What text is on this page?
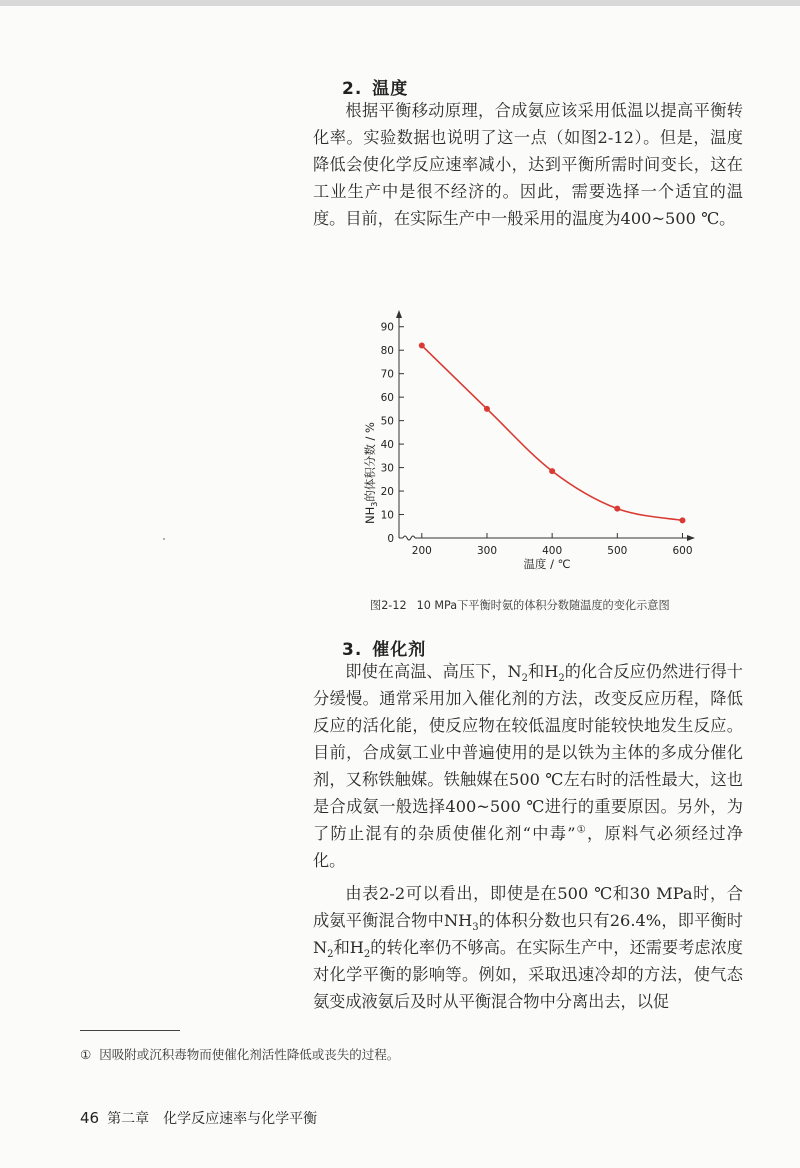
2. 温度

根据平衡移动原理，合成氨应该采用低温以提高平衡转化率。实验数据也说明了这一点（如图2-12）。但是，温度降低会使化学反应速率减小，达到平衡所需时间变长，这在工业生产中是很不经济的。因此，需要选择一个适宜的温度。目前，在实际生产中一般采用的温度为400~500 ℃。

0
10
20
30
40
50
60
70
80
90
200	300	400	500	600
温度 / ℃
$NH_3$的体积分数 / %
图2-12 10 MPa下平衡时氨的体积分数随温度的变化示意图
3. 催化剂

即使在高温、高压下，$N_2$和$H_2$的化合反应仍然进行得十分缓慢。通常采用加入催化剂的方法，改变反应历程，降低反应的活化能，使反应物在较低温度时能较快地发生反应。目前，合成氨工业中普遍使用的是以铁为主体的多成分催化剂，又称铁触媒。铁触媒在500 ℃左右时的活性最大，这也是合成氨一般选择400~500 ℃进行的重要原因。另外，为了防止混有的杂质使催化剂“中毒”①，原料气必须经过净化。

由表2-2可以看出，即使是在500 ℃和30 MPa时，合成氨平衡混合物中$NH_3$的体积分数也只有26.4%，即平衡时$N_2$和$H_2$的转化率仍不够高。在实际生产中，还需要考虑浓度对化学平衡的影响等。例如，采取迅速冷却的方法，使气态氨变成液氨后及时从平衡混合物中分离出去，以促

① 因吸附或沉积毒物而使催化剂活性降低或丧失的过程。
46 第二章 化学反应速率与化学平衡
